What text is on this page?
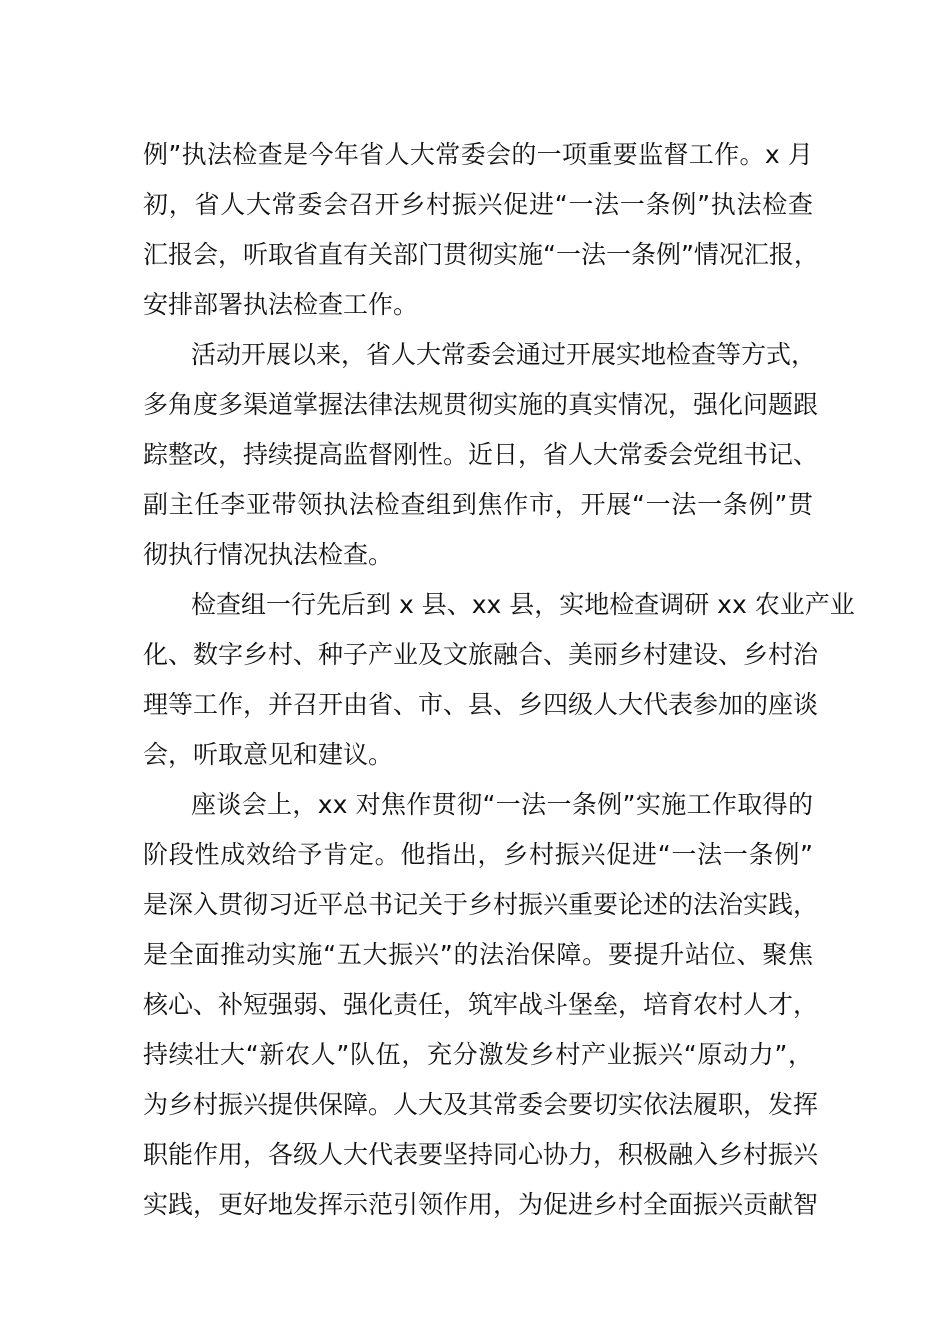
例”执法检查是今年省人大常委会的一项重要监督工作。x 月
初，省人大常委会召开乡村振兴促进“一法一条例”执法检查
汇报会，听取省直有关部门贯彻实施“一法一条例”情况汇报，
安排部署执法检查工作。
活动开展以来，省人大常委会通过开展实地检查等方式，
多角度多渠道掌握法律法规贯彻实施的真实情况，强化问题跟
踪整改，持续提高监督刚性。近日，省人大常委会党组书记、
副主任李亚带领执法检查组到焦作市，开展“一法一条例”贯
彻执行情况执法检查。
检查组一行先后到 x 县、xx 县，实地检查调研 xx 农业产业
化、数字乡村、种子产业及文旅融合、美丽乡村建设、乡村治
理等工作，并召开由省、市、县、乡四级人大代表参加的座谈
会，听取意见和建议。
座谈会上，xx 对焦作贯彻“一法一条例”实施工作取得的
阶段性成效给予肯定。他指出，乡村振兴促进“一法一条例”
是深入贯彻习近平总书记关于乡村振兴重要论述的法治实践，
是全面推动实施“五大振兴”的法治保障。要提升站位、聚焦
核心、补短强弱、强化责任，筑牢战斗堡垒，培育农村人才，
持续壮大“新农人”队伍，充分激发乡村产业振兴“原动力”，
为乡村振兴提供保障。人大及其常委会要切实依法履职，发挥
职能作用，各级人大代表要坚持同心协力，积极融入乡村振兴
实践，更好地发挥示范引领作用，为促进乡村全面振兴贡献智
